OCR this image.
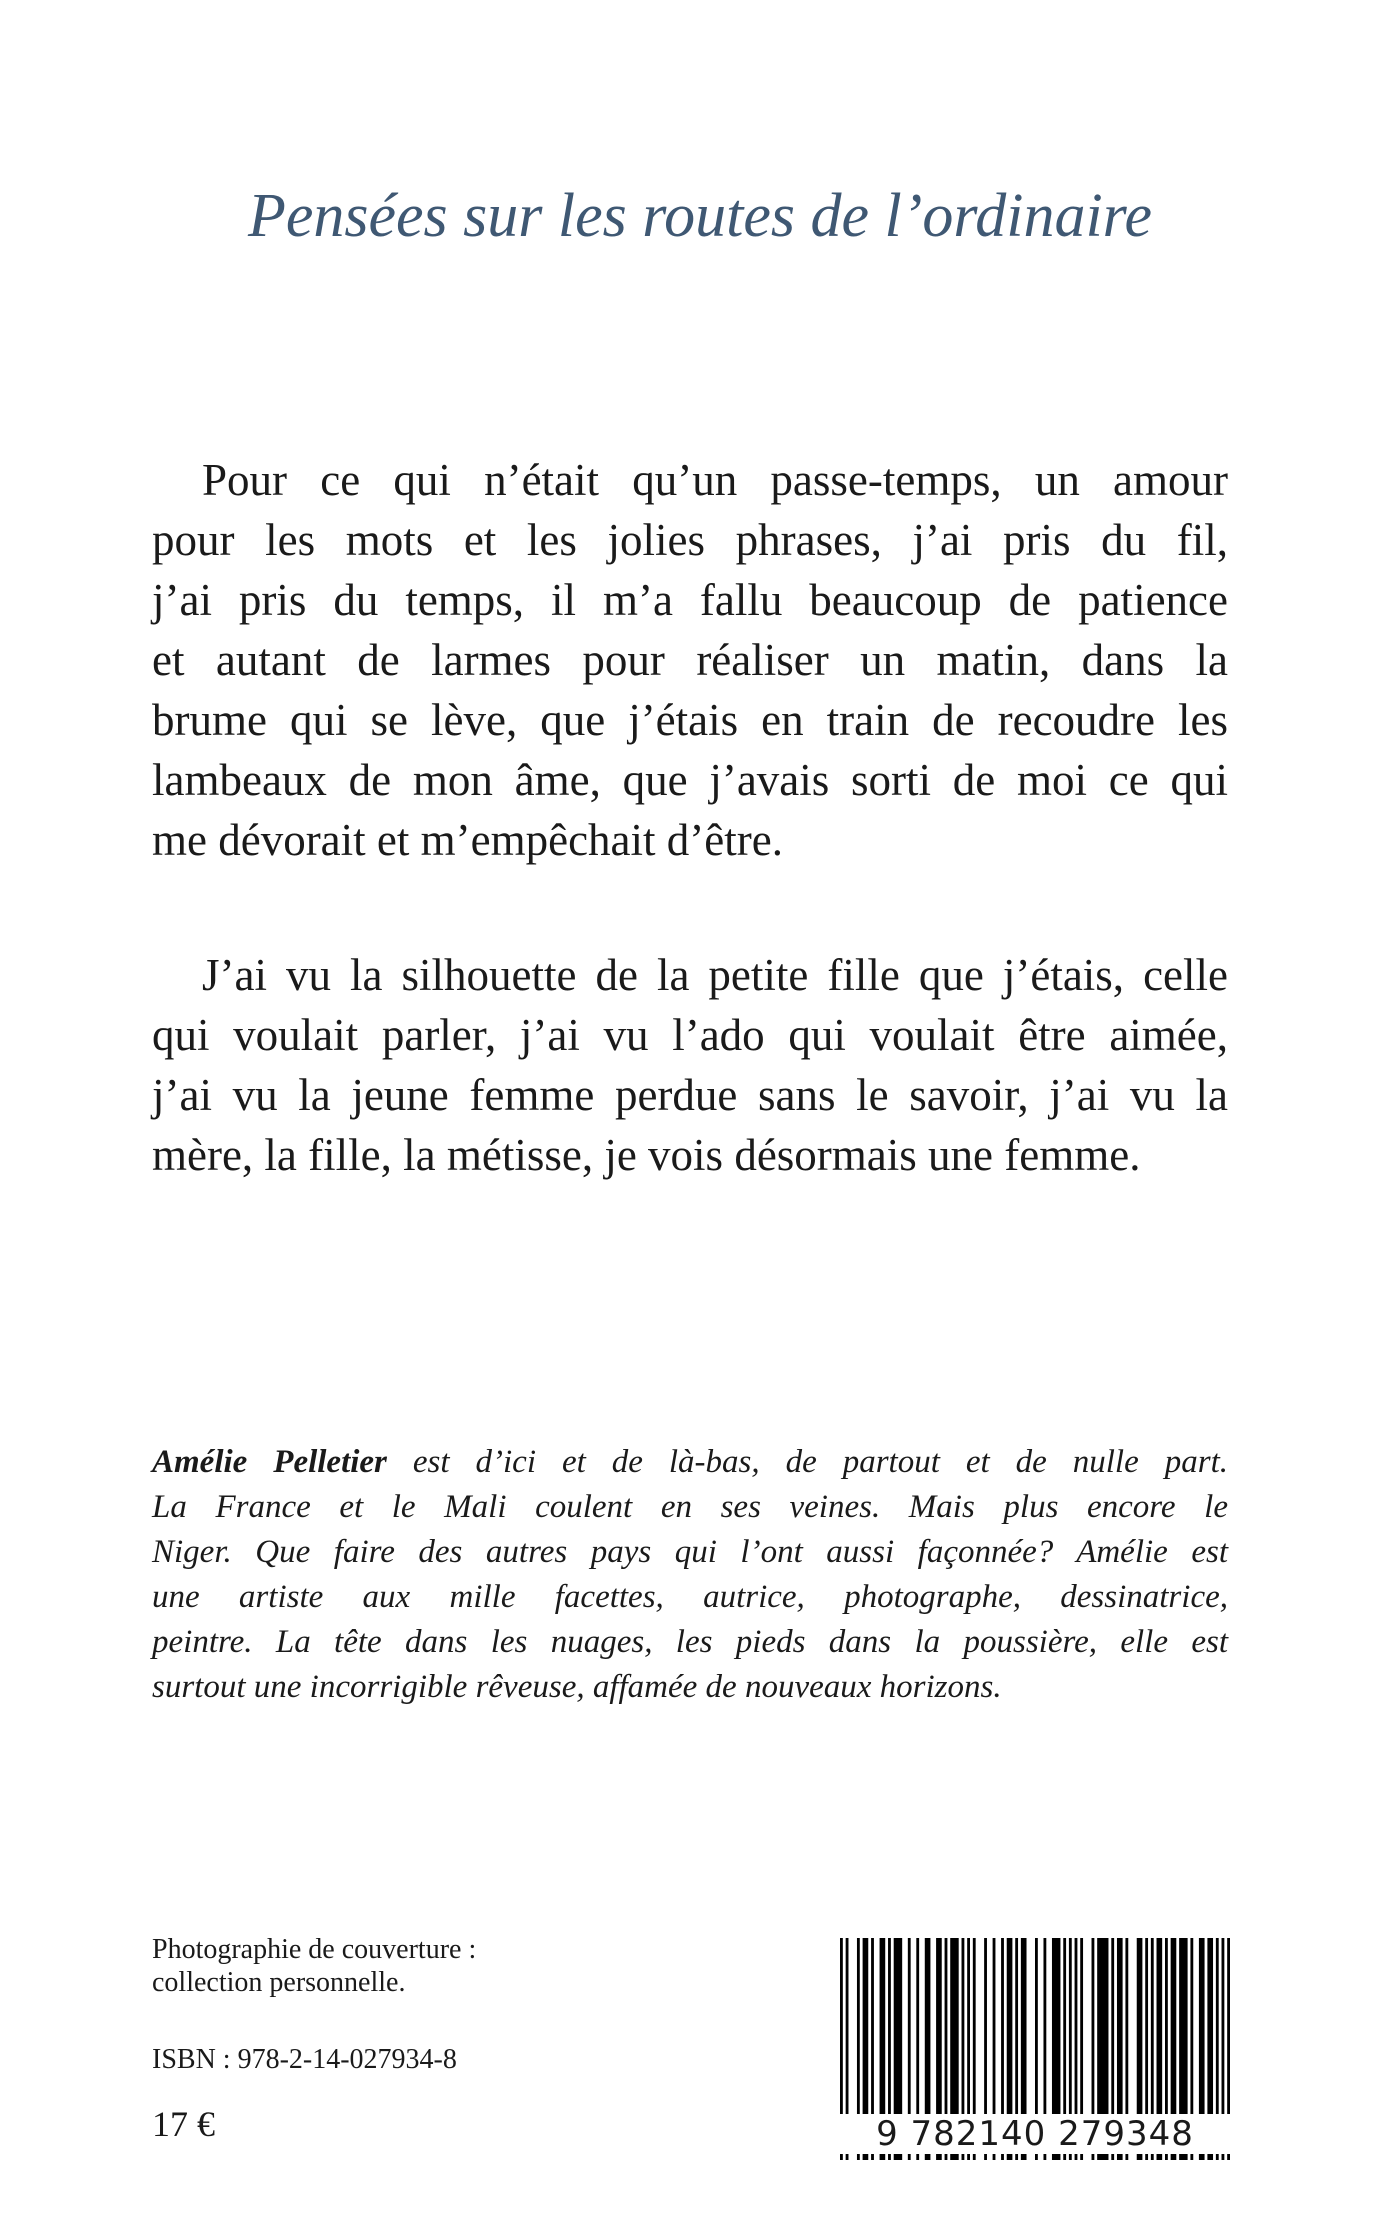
Pensées sur les routes de l’ordinaire
Pour ce qui n’était qu’un passe-temps, un amour
pour les mots et les jolies phrases, j’ai pris du fil,
j’ai pris du temps, il m’a fallu beaucoup de patience
et autant de larmes pour réaliser un matin, dans la
brume qui se lève, que j’étais en train de recoudre les
lambeaux de mon âme, que j’avais sorti de moi ce qui
me dévorait et m’empêchait d’être.
J’ai vu la silhouette de la petite fille que j’étais, celle
qui voulait parler, j’ai vu l’ado qui voulait être aimée,
j’ai vu la jeune femme perdue sans le savoir, j’ai vu la
mère, la fille, la métisse, je vois désormais une femme.
Amélie Pelletier est d’ici et de là-bas, de partout et de nulle part.
La France et le Mali coulent en ses veines. Mais plus encore le
Niger. Que faire des autres pays qui l’ont aussi façonnée? Amélie est
une artiste aux mille facettes, autrice, photographe, dessinatrice,
peintre. La tête dans les nuages, les pieds dans la poussière, elle est
surtout une incorrigible rêveuse, affamée de nouveaux horizons.
Photographie de couverture :
collection personnelle.
ISBN : 978-2-14-027934-8
17 €	9 782140 279348
